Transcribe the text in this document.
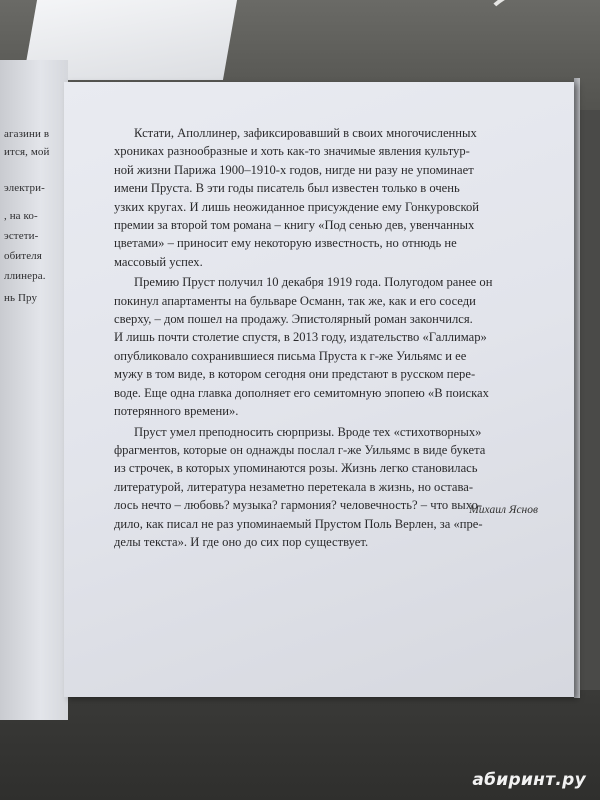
агазини в
ится, мой
электри-
, на ко-
эстети-
обителя
ллинера.
нь Пру

Кстати, Аполлинер, зафиксировавший в своих многочисленных
хрониках разнообразные и хоть как-то значимые явления культур-
ной жизни Парижа 1900–1910-х годов, нигде ни разу не упоминает
имени Пруста. В эти годы писатель был известен только в очень
узких кругах. И лишь неожиданное присуждение ему Гонкуровской
премии за второй том романа – книгу «Под сенью дев, увенчанных
цветами» – приносит ему некоторую известность, но отнюдь не
массовый успех.

Премию Пруст получил 10 декабря 1919 года. Полугодом ранее он
покинул апартаменты на бульваре Османн, так же, как и его соседи
сверху, – дом пошел на продажу. Эпистолярный роман закончился.
И лишь почти столетие спустя, в 2013 году, издательство «Галлимар»
опубликовало сохранившиеся письма Пруста к г-же Уильямс и ее
мужу в том виде, в котором сегодня они предстают в русском пере-
воде. Еще одна главка дополняет его семитомную эпопею «В поисках
потерянного времени».

Пруст умел преподносить сюрпризы. Вроде тех «стихотворных»
фрагментов, которые он однажды послал г-же Уильямс в виде букета
из строчек, в которых упоминаются розы. Жизнь легко становилась
литературой, литература незаметно перетекала в жизнь, но остава-
лось нечто – любовь? музыка? гармония? человечность? – что выхо-
дило, как писал не раз упоминаемый Прустом Поль Верлен, за «пре-
делы текста». И где оно до сих пор существует.

Михаил Яснов
абиринт.ру
